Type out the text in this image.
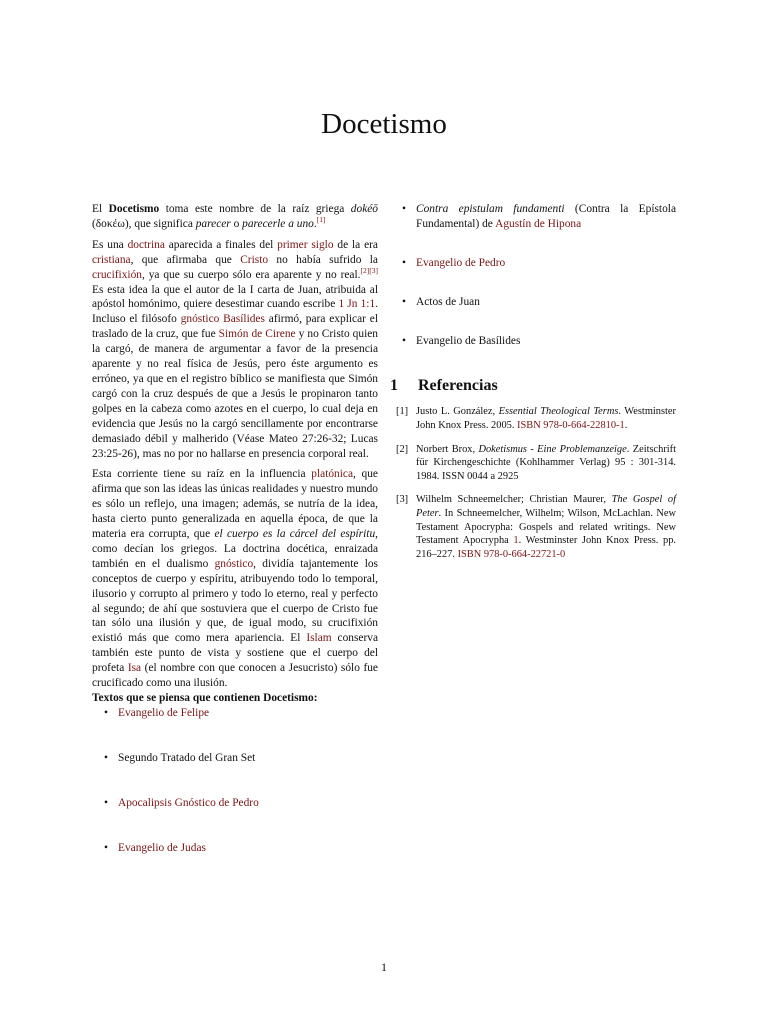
Docetismo

El Docetismo toma este nombre de la raíz griega dokéō (δοκέω), que significa parecer o parecerle a uno.[1]

Es una doctrina aparecida a finales del primer siglo de la era cristiana, que afirmaba que Cristo no había sufrido la crucifixión, ya que su cuerpo sólo era aparente y no real.[2][3] Es esta idea la que el autor de la I carta de Juan, atribuida al apóstol homónimo, quiere desestimar cuando escribe 1 Jn 1:1. Incluso el filósofo gnóstico Basílides afirmó, para explicar el traslado de la cruz, que fue Simón de Cirene y no Cristo quien la cargó, de manera de argumentar a favor de la presencia aparente y no real física de Jesús, pero éste argumento es erróneo, ya que en el registro bíblico se manifiesta que Simón cargó con la cruz después de que a Jesús le propinaron tanto golpes en la cabeza como azotes en el cuerpo, lo cual deja en evidencia que Jesús no la cargó sencillamente por encontrarse demasiado débil y malherido (Véase Mateo 27:26-32; Lucas 23:25-26), mas no por no hallarse en presencia corporal real.

Esta corriente tiene su raíz en la influencia platónica, que afirma que son las ideas las únicas realidades y nuestro mundo es sólo un reflejo, una imagen; además, se nutría de la idea, hasta cierto punto generalizada en aquella época, de que la materia era corrupta, que el cuerpo es la cárcel del espíritu, como decían los griegos. La doctrina docética, enraizada también en el dualismo gnóstico, dividía tajantemente los conceptos de cuerpo y espíritu, atribuyendo todo lo temporal, ilusorio y corrupto al primero y todo lo eterno, real y perfecto al segundo; de ahí que sostuviera que el cuerpo de Cristo fue tan sólo una ilusión y que, de igual modo, su crucifixión existió más que como mera apariencia. El Islam conserva también este punto de vista y sostiene que el cuerpo del profeta Isa (el nombre con que conocen a Jesucristo) sólo fue crucificado como una ilusión.

Textos que se piensa que contienen Docetismo:

• Evangelio de Felipe
• Segundo Tratado del Gran Set
• Apocalipsis Gnóstico de Pedro
• Evangelio de Judas
• Contra epistulam fundamenti (Contra la Epístola Fundamental) de Agustín de Hipona
• Evangelio de Pedro
• Actos de Juan
• Evangelio de Basílides
1 Referencias
[1] Justo L. González, Essential Theological Terms. Westminster John Knox Press. 2005. ISBN 978-0-664-22810-1.
[2] Norbert Brox, Doketismus - Eine Problemanzeige. Zeitschrift für Kirchengeschichte (Kohlhammer Verlag) 95 : 301-314. 1984. ISSN 0044 a 2925
[3] Wilhelm Schneemelcher; Christian Maurer, The Gospel of Peter. In Schneemelcher, Wilhelm; Wilson, McLachlan. New Testament Apocrypha: Gospels and related writings. New Testament Apocrypha 1. Westminster John Knox Press. pp. 216–227. ISBN 978-0-664-22721-0
1
